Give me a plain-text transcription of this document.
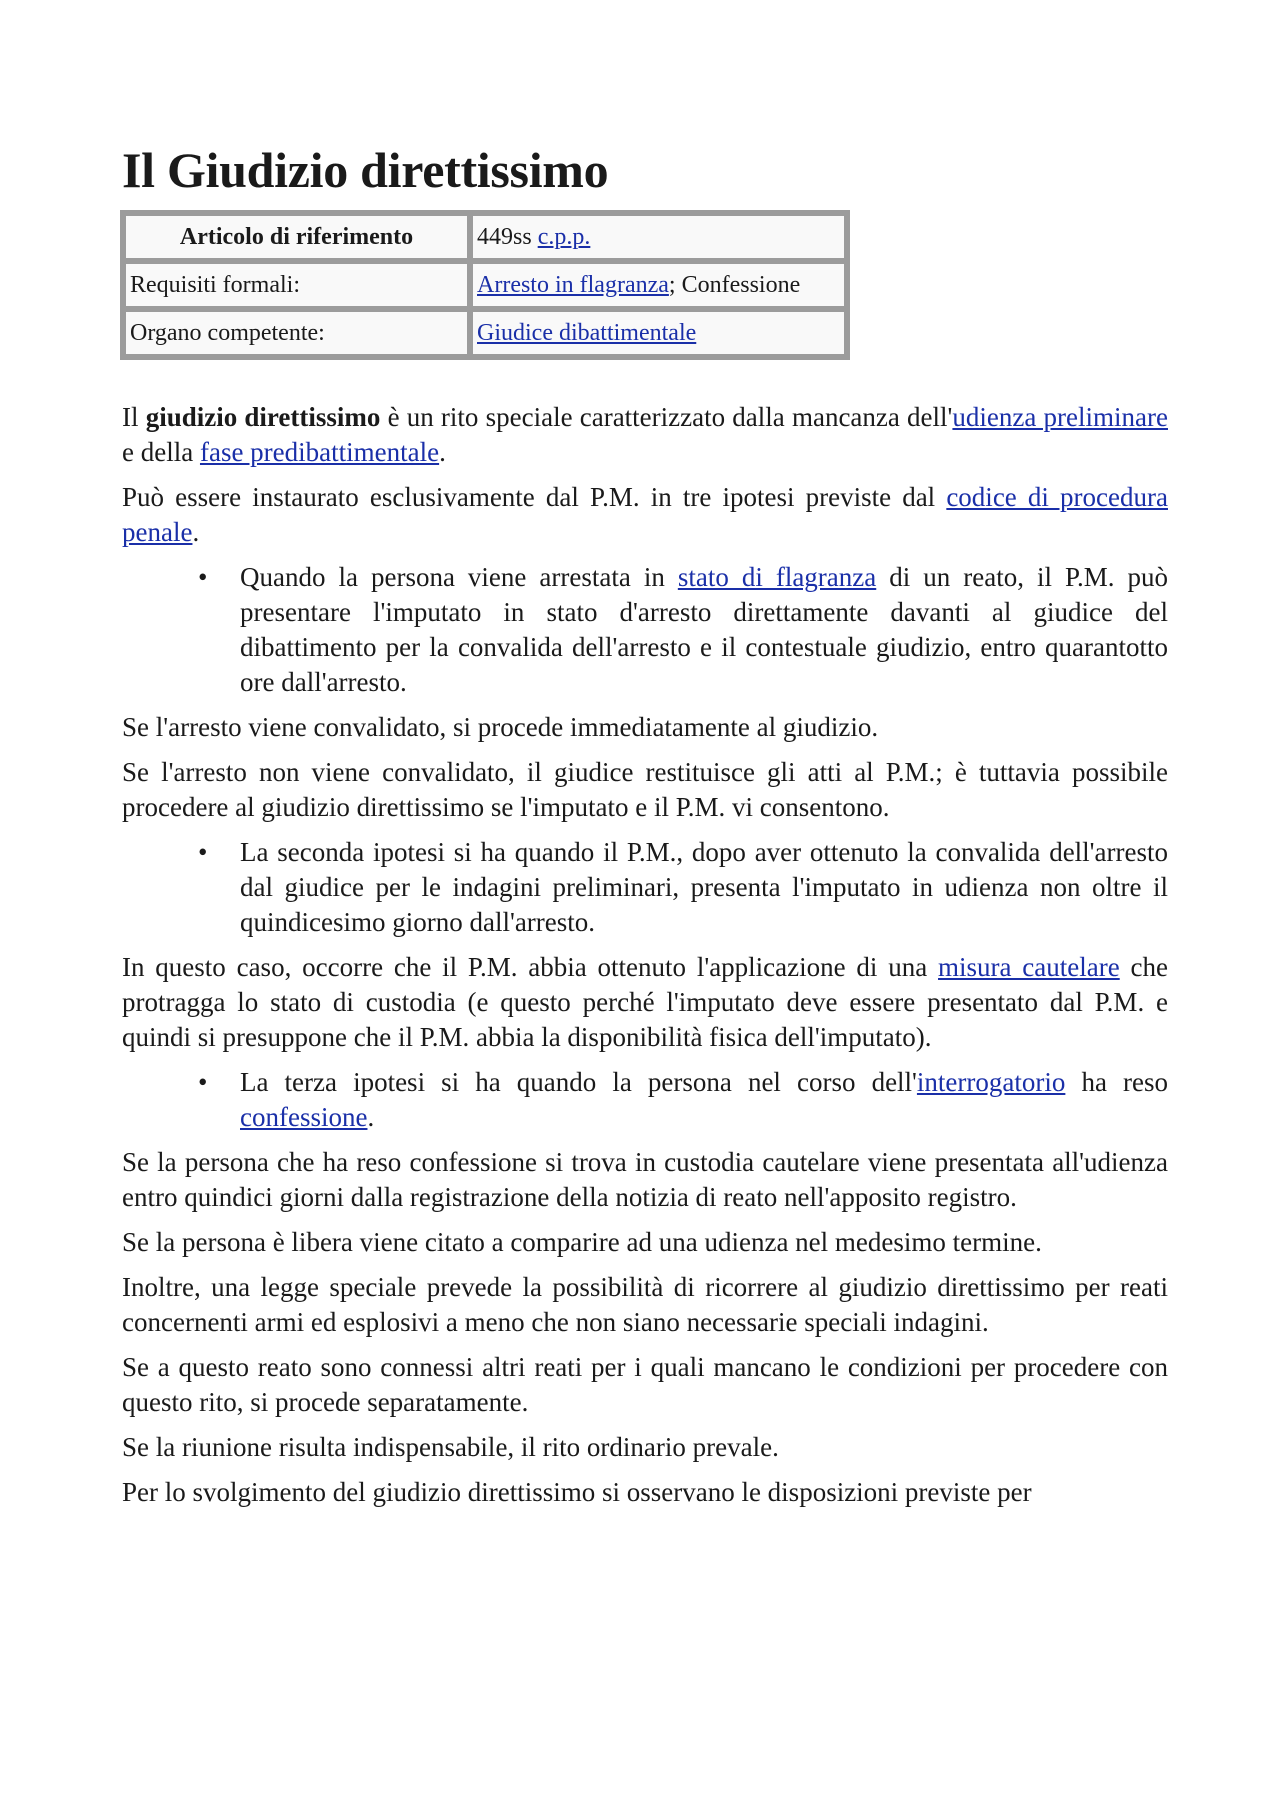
Il Giudizio direttissimo
Articolo di riferimento	449ss c.p.p.
Requisiti formali:	Arresto in flagranza; Confessione
Organo competente:	Giudice dibattimentale

Il giudizio direttissimo è un rito speciale caratterizzato dalla mancanza dell'udienza preliminare e della fase predibattimentale.

Può essere instaurato esclusivamente dal P.M. in tre ipotesi previste dal codice di procedura penale.

• Quando la persona viene arrestata in stato di flagranza di un reato, il P.M. può presentare l'imputato in stato d'arresto direttamente davanti al giudice del dibattimento per la convalida dell'arresto e il contestuale giudizio, entro quarantotto ore dall'arresto.

Se l'arresto viene convalidato, si procede immediatamente al giudizio.

Se l'arresto non viene convalidato, il giudice restituisce gli atti al P.M.; è tuttavia possibile procedere al giudizio direttissimo se l'imputato e il P.M. vi consentono.

• La seconda ipotesi si ha quando il P.M., dopo aver ottenuto la convalida dell'arresto dal giudice per le indagini preliminari, presenta l'imputato in udienza non oltre il quindicesimo giorno dall'arresto.

In questo caso, occorre che il P.M. abbia ottenuto l'applicazione di una misura cautelare che protragga lo stato di custodia (e questo perché l'imputato deve essere presentato dal P.M. e quindi si presuppone che il P.M. abbia la disponibilità fisica dell'imputato).

• La terza ipotesi si ha quando la persona nel corso dell'interrogatorio ha reso confessione.

Se la persona che ha reso confessione si trova in custodia cautelare viene presentata all'udienza entro quindici giorni dalla registrazione della notizia di reato nell'apposito registro.

Se la persona è libera viene citato a comparire ad una udienza nel medesimo termine.

Inoltre, una legge speciale prevede la possibilità di ricorrere al giudizio direttissimo per reati concernenti armi ed esplosivi a meno che non siano necessarie speciali indagini.

Se a questo reato sono connessi altri reati per i quali mancano le condizioni per procedere con questo rito, si procede separatamente.

Se la riunione risulta indispensabile, il rito ordinario prevale.

Per lo svolgimento del giudizio direttissimo si osservano le disposizioni previste per
